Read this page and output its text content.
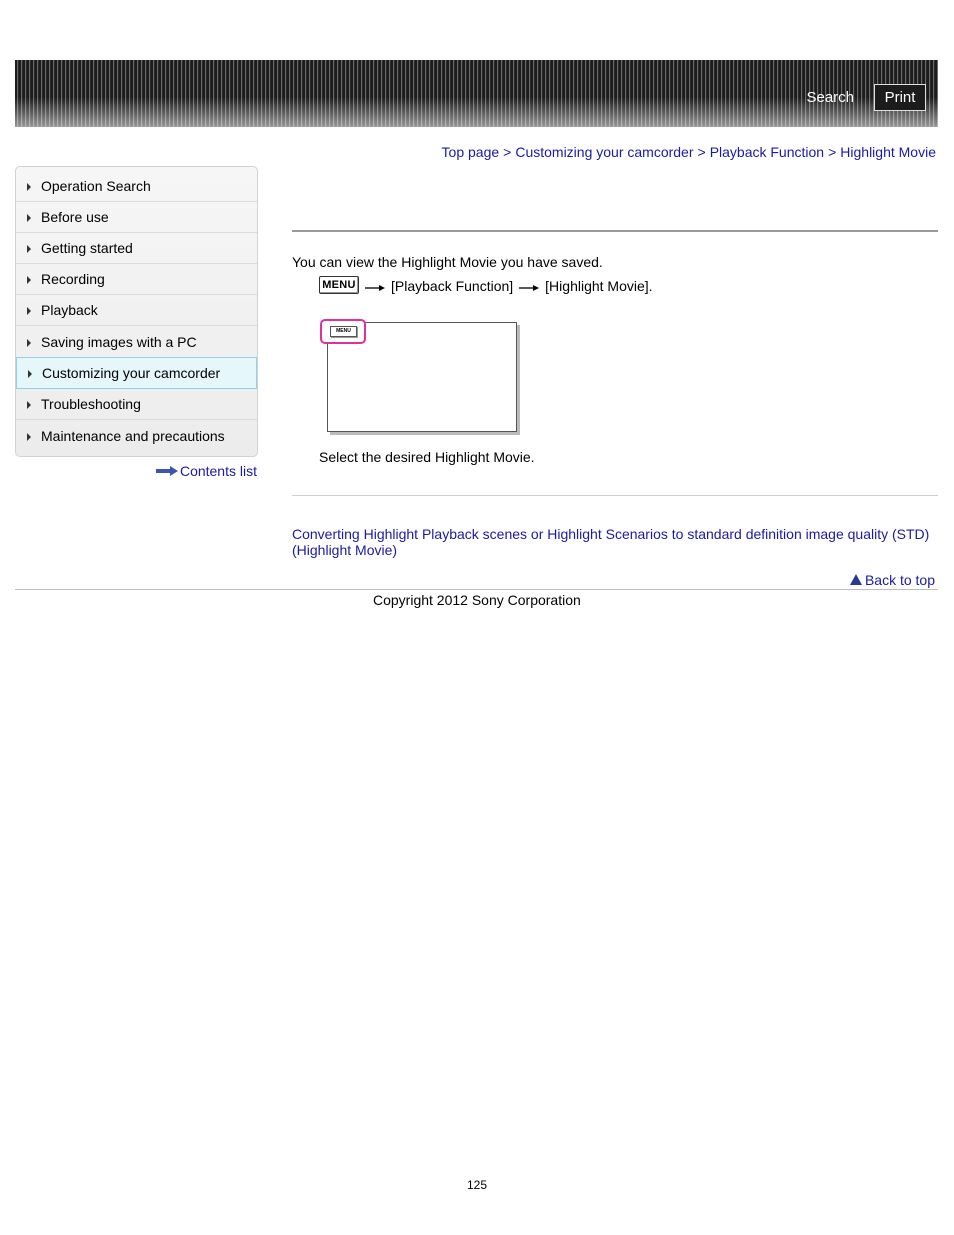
Search	Print
Top page > Customizing your camcorder > Playback Function > Highlight Movie
Operation Search
Before use
Getting started
Recording
Playback
Saving images with a PC
Customizing your camcorder
Troubleshooting
Maintenance and precautions
Contents list
You can view the Highlight Movie you have saved.
MENU	[Playback Function] [Highlight Movie].
MENU
Select the desired Highlight Movie.
Converting Highlight Playback scenes or Highlight Scenarios to standard definition image quality (STD) (Highlight Movie)
Back to top
Copyright 2012 Sony Corporation
125
